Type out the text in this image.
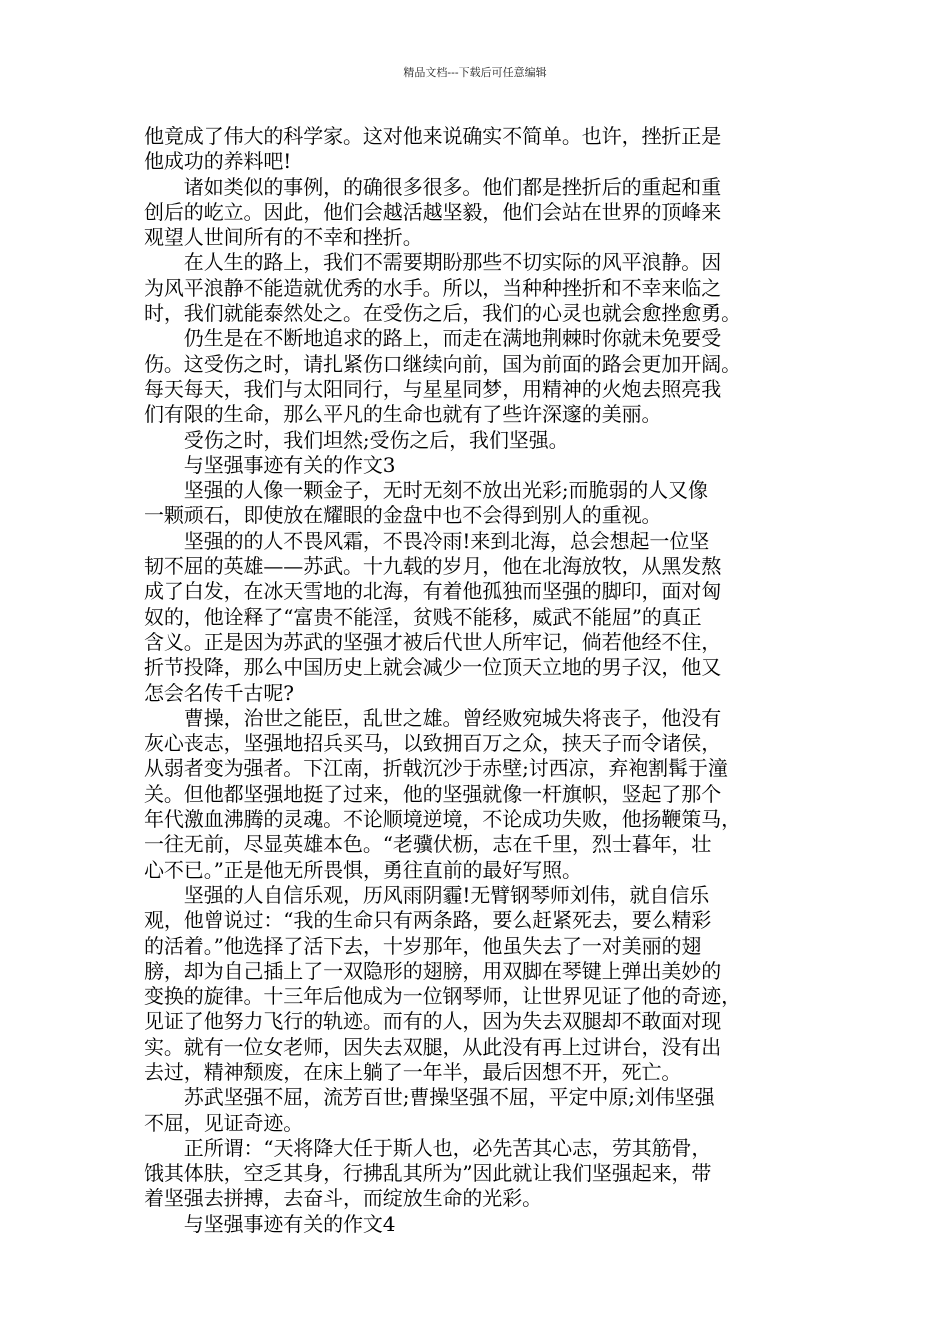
精品文档---下载后可任意编辑
他竟成了伟大的科学家。这对他来说确实不简单。也许，挫折正是
他成功的养料吧!
　　诸如类似的事例，的确很多很多。他们都是挫折后的重起和重
创后的屹立。因此，他们会越活越坚毅，他们会站在世界的顶峰来
观望人世间所有的不幸和挫折。
　　在人生的路上，我们不需要期盼那些不切实际的风平浪静。因
为风平浪静不能造就优秀的水手。所以，当种种挫折和不幸来临之
时，我们就能泰然处之。在受伤之后，我们的心灵也就会愈挫愈勇。
　　仍生是在不断地追求的路上，而走在满地荆棘时你就未免要受
伤。这受伤之时，请扎紧伤口继续向前，国为前面的路会更加开阔。
每天每天，我们与太阳同行，与星星同梦，用精神的火炮去照亮我
们有限的生命，那么平凡的生命也就有了些许深邃的美丽。
　　受伤之时，我们坦然;受伤之后，我们坚强。
　　与坚强事迹有关的作文3
　　坚强的人像一颗金子，无时无刻不放出光彩;而脆弱的人又像
一颗顽石，即使放在耀眼的金盘中也不会得到别人的重视。
　　坚强的的人不畏风霜，不畏冷雨!来到北海，总会想起一位坚
韧不屈的英雄——苏武。十九载的岁月，他在北海放牧，从黑发熬
成了白发，在冰天雪地的北海，有着他孤独而坚强的脚印，面对匈
奴的，他诠释了“富贵不能淫，贫贱不能移，威武不能屈”的真正
含义。正是因为苏武的坚强才被后代世人所牢记，倘若他经不住，
折节投降，那么中国历史上就会减少一位顶天立地的男子汉，他又
怎会名传千古呢?
　　曹操，治世之能臣，乱世之雄。曾经败宛城失将丧子，他没有
灰心丧志，坚强地招兵买马，以致拥百万之众，挟天子而令诸侯，
从弱者变为强者。下江南，折戟沉沙于赤壁;讨西凉，弃袍割髯于潼
关。但他都坚强地挺了过来，他的坚强就像一杆旗帜，竖起了那个
年代激血沸腾的灵魂。不论顺境逆境，不论成功失败，他扬鞭策马，
一往无前，尽显英雄本色。“老骥伏枥，志在千里，烈士暮年，壮
心不已。”正是他无所畏惧，勇往直前的最好写照。
　　坚强的人自信乐观，历风雨阴霾!无臂钢琴师刘伟，就自信乐
观，他曾说过：“我的生命只有两条路，要么赶紧死去，要么精彩
的活着。”他选择了活下去，十岁那年，他虽失去了一对美丽的翅
膀，却为自己插上了一双隐形的翅膀，用双脚在琴键上弹出美妙的
变换的旋律。十三年后他成为一位钢琴师，让世界见证了他的奇迹，
见证了他努力飞行的轨迹。而有的人，因为失去双腿却不敢面对现
实。就有一位女老师，因失去双腿，从此没有再上过讲台，没有出
去过，精神颓废，在床上躺了一年半，最后因想不开，死亡。
　　苏武坚强不屈，流芳百世;曹操坚强不屈，平定中原;刘伟坚强
不屈，见证奇迹。
　　正所谓：“天将降大任于斯人也，必先苦其心志，劳其筋骨，
饿其体肤，空乏其身，行拂乱其所为”因此就让我们坚强起来，带
着坚强去拼搏，去奋斗，而绽放生命的光彩。
　　与坚强事迹有关的作文4
